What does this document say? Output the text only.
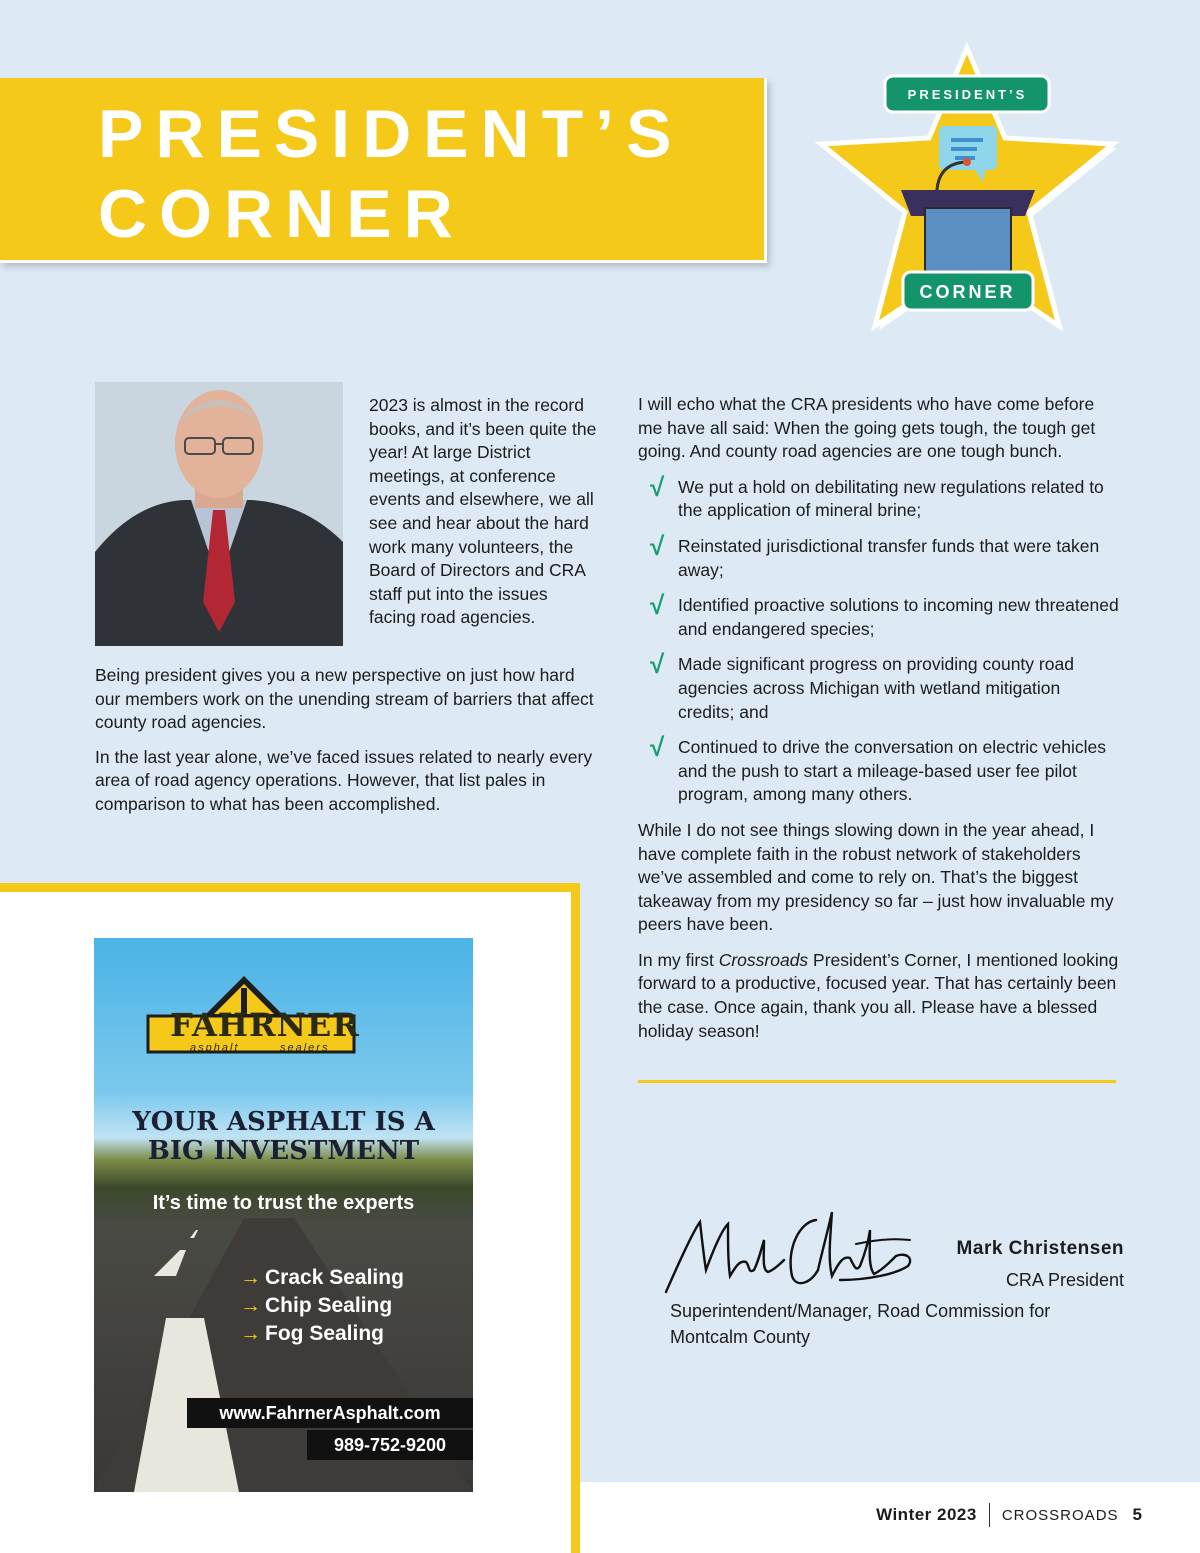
PRESIDENT’S
CORNER
PRESIDENT’S
CORNER

2023 is almost in the record books, and it’s been quite the year! At large District meetings, at conference events and elsewhere, we all see and hear about the hard work many volunteers, the Board of Directors and CRA staff put into the issues facing road agencies.

Being president gives you a new perspective on just how hard our members work on the unending stream of barriers that affect county road agencies.

In the last year alone, we’ve faced issues related to nearly every area of road agency operations. However, that list pales in comparison to what has been accomplished.

I will echo what the CRA presidents who have come before me have all said: When the going gets tough, the tough get going. And county road agencies are one tough bunch.

√ We put a hold on debilitating new regulations related to the application of mineral brine;
√ Reinstated jurisdictional transfer funds that were taken away;
√ Identified proactive solutions to incoming new threatened and endangered species;
√ Made significant progress on providing county road agencies across Michigan with wetland mitigation credits; and
√ Continued to drive the conversation on electric vehicles and the push to start a mileage-based user fee pilot program, among many others.

While I do not see things slowing down in the year ahead, I have complete faith in the robust network of stakeholders we’ve assembled and come to rely on. That’s the biggest takeaway from my presidency so far – just how invaluable my peers have been.

In my first Crossroads President’s Corner, I mentioned looking forward to a productive, focused year. That has certainly been the case. Once again, thank you all. Please have a blessed holiday season!

Mark Christensen

CRA President

Superintendent/Manager, Road Commission for Montcalm County

FAHRNER
asphalt	sealers
YOUR ASPHALT IS A
BIG INVESTMENT
It’s time to trust the experts
→ Crack Sealing
→ Chip Sealing
→ Fog Sealing
www.FahrnerAsphalt.com
989-752-9200
Winter 2023 CROSSROADS 5
